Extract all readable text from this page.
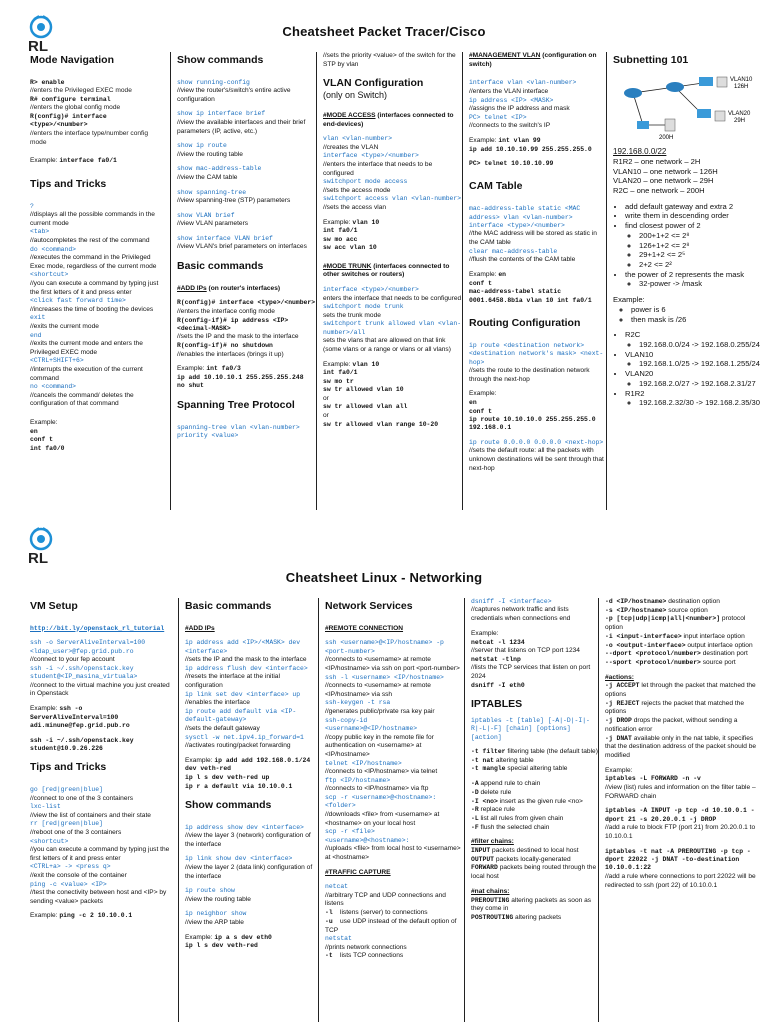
RL
Cheatsheet Packet Tracer/Cisco
Mode Navigation
R> enable
//enters the Privileged EXEC mode
R# configure terminal
//enters the global config mode
R(config)# interface <type>/<number>
//enters the interface type/number config mode
Example: interface fa0/1
Tips and Tricks
?
//displays all the possible commands in the current mode
<tab>
//autocompletes the rest of the command
do <command>
//executes the command in the Privileged Exec mode, regardless of the current mode
<shortcut>
//you can execute a command by typing just the first letters of it and press enter
<click fast forward time>
//increases the time of booting the devices
exit
//exits the current mode
end
//exits the current mode and enters the Privileged EXEC mode
<CTRL+SHIFT+6>
//interrupts the execution of the current command
no <command>
//cancels the command/ deletes the configuration of that command
Example:
en
conf t
int fa0/0
Show commands
show running-config
//view the router's/switch's entire active configuration
show ip interface brief
//view the available interfaces and their brief parameters (IP, active, etc.)
show ip route
//view the routing table
show mac-address-table
//view the CAM table
show spanning-tree
//view spanning-tree (STP) parameters
show VLAN brief
//view VLAN parameters
show interface VLAN brief
//view VLAN's brief parameters on interfaces
Basic commands
#ADD IPs (on router's interfaces)
R(config)# interface <type>/<number>
//enters the interface config mode
R(config-if)# ip address <IP> <decimal-MASK>
//sets the IP and the mask to the interface
R(config-if)# no shutdown
//enables the interfaces (brings it up)
Example: int fa0/3
ip add 10.10.10.1 255.255.255.248
no shut
Spanning Tree Protocol
spanning-tree vlan <vlan-number>
priority <value>
//sets the priority <value> of the switch for the STP by vlan
VLAN Configuration
(only on Switch)
#MODE ACCESS (interfaces connected to end-devices)
vlan <vlan-number>
//creates the VLAN
interface <type>/<number>
//enters the interface that needs to be configured
switchport mode access
//sets the access mode
switchport access vlan <vlan-number>
//sets the access vlan
Example: vlan 10
int fa0/1
sw mo acc
sw acc vlan 10
#MODE TRUNK (interfaces connected to other switches or routers)
interface <type>/<number>
enters the interface that needs to be configured
switchport mode trunk
sets the trunk mode
switchport trunk allowed vlan <vlan-number>/all
sets the vlans that are allowed on that link (some vlans or a range or vlans or all vlans)
Example: vlan 10
int fa0/1
sw mo tr
sw tr allowed vlan 10
or
sw tr allowed vlan all
or
sw tr allowed vlan range 10-20
#MANAGEMENT VLAN (configuration on switch)
interface vlan <vlan-number>
//enters the VLAN interface
ip address <IP> <MASK>
//assigns the IP address and mask
PC> telnet <IP>
//connects to the switch's IP
Example: int vlan 99
ip add 10.10.10.99 255.255.255.0
PC> telnet 10.10.10.99
CAM Table
mac-address-table static <MAC address> vlan <vlan-number> interface <type>/<number>
//the MAC address will be stored as static in the CAM table
clear mac-address-table
//flush the contents of the CAM table
Example: en
conf t
mac-address-tabel static 0001.6458.8b1a vlan 10 int fa0/1
Routing Configuration
ip route <destination network> <destination network's mask> <next-hop>
//sets the route to the destination network through the next-hop
Example:
en
conf t
ip route 10.10.10.0 255.255.255.0 192.168.0.1
ip route 0.0.0.0 0.0.0.0 <next-hop>
//sets the default route: all the packets with unknown destinations will be sent through that next-hop
Subnetting 101
VLAN10
126H
VLAN20
29H
200H
192.168.0.0/22
R1R2 – one network – 2H
VLAN10 – one network – 126H
VLAN20 – one network – 29H
R2C – one network – 200H
• add default gateway and extra 2
• write them in descending order
• find closest power of 2
◦ 200+1+2 <= 2⁸
◦ 126+1+2 <= 2⁸
◦ 29+1+2 <= 2⁵
◦ 2+2 <= 2²
• the power of 2 represents the mask
◦ 32-power -> /mask
Example:
◦ power is 6
◦ then mask is /26
• R2C
◦ 192.168.0.0/24 -> 192.168.0.255/24
• VLAN10
◦ 192.168.1.0/25 -> 192.168.1.255/24
• VLAN20
◦ 192.168.2.0/27 -> 192.168.2.31/27
• R1R2
◦ 192.168.2.32/30 -> 192.168.2.35/30
RL
Cheatsheet Linux - Networking
VM Setup
http://bit.ly/openstack_rl_tutorial
ssh -o ServerAliveInterval=100 <ldap_user>@fep.grid.pub.ro
//connect to your fep account
ssh -i ~/.ssh/openstack.key student@<IP_masina_virtuala>
//connect to the virtual machine you just created in Openstack
Example: ssh -o
ServerAliveInterval=100 adi.minune@fep.grid.pub.ro
ssh -i ~/.ssh/openstack.key student@10.9.26.226
Tips and Tricks
go [red|green|blue]
//connect to one of the 3 containers
lxc-list
//view the list of containers and their state
rr [red|green|blue]
//reboot one of the 3 containers
<shortcut>
//you can execute a command by typing just the first letters of it and press enter
<CTRL+a> -> <press q>
//exit the console of the container
ping -c <value> <IP>
//test the conectivity between host and <IP> by sending <value> packets
Example: ping -c 2 10.10.0.1
Basic commands
#ADD IPs
ip address add <IP>/<MASK> dev <interface>
//sets the IP and the mask to the interface
ip address flush dev <interface>
//resets the interface at the initial configuration
ip link set dev <interface> up
//enables the interface
ip route add default via <IP-default-gateway>
//sets the default gateway
sysctl -w net.ipv4.ip_forward=1
//activates routing/packet forwarding
Example: ip add add 192.168.0.1/24 dev veth-red
ip l s dev veth-red up
ip r a default via 10.10.0.1
Show commands
ip address show dev <interface>
//view the layer 3 (network) configuration of the interface
ip link show dev <interface>
//view the layer 2 (data link) configuration of the interface
ip route show
//view the routing table
ip neighbor show
//view the ARP table
Example: ip a s dev eth0
ip l s dev veth-red
Network Services
#REMOTE CONNECTION
ssh <username>@<IP/hostname> -p <port-number>
//connects to <username> at remote <IP/hostname> via ssh on port <port-number>
ssh -l <username> <IP/hostname>
//connects to <username> at remote <IP/hostname> via ssh
ssh-keygen -t rsa
//generates public/private rsa key pair
ssh-copy-id <username>@<IP/hostname>
//copy public key in the remote file for authentication on <username> at <IP/hostname>
telnet <IP/hostname>
//connects to <IP/hostname> via telnet
ftp <IP/hostname>
//connects to <IP/hostname> via ftp
scp -r <username>@<hostname>:<folder>
//downloads <file> from <username> at <hostname> on your local host
scp -r <file> <username>@<hostname>:
//uploads <file> from local host to <username> at <hostname>
#TRAFFIC CAPTURE
netcat
//arbitrary TCP and UDP connections and listens
-l listens (server) to connections
-u use UDP instead of the default option of TCP
netstat
//prints network connections
-t lists TCP connections
dsniff -I <interface>
//captures network traffic and lists credentials when connections end
Example:
netcat -l 1234
//server that listens on TCP port 1234
netstat -tlnp
//lists the TCP services that listen on port 2024
dsniff -I eth0
IPTABLES
iptables -t [table] [-A|-D|-I|-R|-L|-F] [chain] [options] [action]
-t filter filtering table (the default table)
-t nat altering table
-t mangle special altering table
-A append rule to chain
-D delete rule
-I <no> insert as the given rule <no>
-R replace rule
-L list all rules from given chain
-F flush the selected chain
#filter chains:
INPUT packets destined to local host
OUTPUT packets locally-generated
FORWARD packets being routed through the local host
#nat chains:
PREROUTING altering packets as soon as they come in
POSTROUTING altering packets
-d <IP/hostname> destination option
-s <IP/hostname> source option
-p [tcp|udp|icmp|all|<number>] protocol option
-i <input-interface> input interface option
-o <output-interface> output interface option
--dport <protocol/number> destination port
--sport <protocol/number> source port
#actions:
-j ACCEPT let through the packet that matched the options
-j REJECT rejects the packet that matched the options
-j DROP drops the packet, without sending a notification error
-j DNAT available only in the nat table, it specifies that the destination address of the packet should be modified
Example:
iptables -L FORWARD -n -v
//view (list) rules and information on the filter table – FORWARD chain
iptables -A INPUT -p tcp -d 10.10.0.1 -dport 21 -s 20.20.0.1 -j DROP
//add a rule to block FTP (port 21) from 20.20.0.1 to 10.10.0.1
iptables -t nat -A PREROUTING -p tcp -dport 22022 -j DNAT -to-destination 10.10.0.1:22
//add a rule where connections to port 22022 will be redirected to ssh (port 22) of 10.10.0.1
